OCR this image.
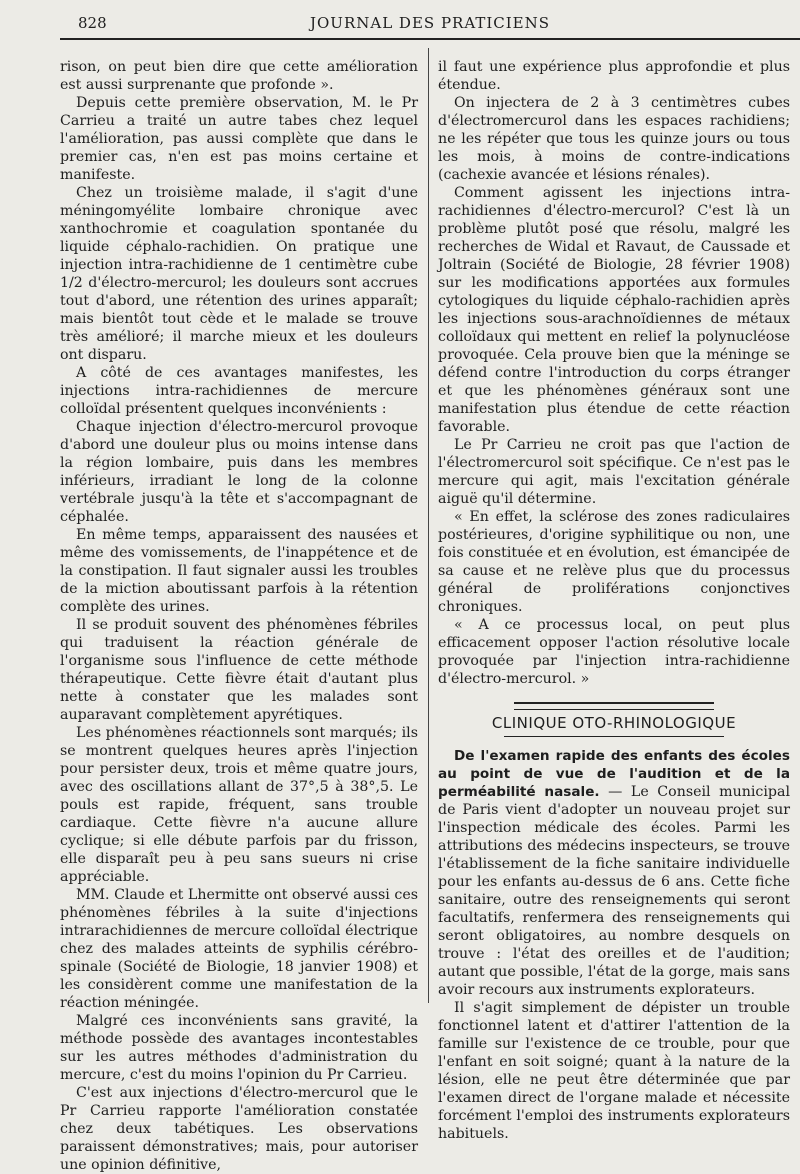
828	JOURNAL DES PRATICIENS

rison, on peut bien dire que cette amélioration est aussi surprenante que profonde ».

Depuis cette première observation, M. le Pr Carrieu a traité un autre tabes chez lequel l'amélioration, pas aussi complète que dans le premier cas, n'en est pas moins certaine et manifeste.

Chez un troisième malade, il s'agit d'une méningomyélite lombaire chronique avec xanthochromie et coagulation spontanée du liquide céphalo-rachidien. On pratique une injection intra-rachidienne de 1 centimètre cube 1/2 d'électro-mercurol; les douleurs sont accrues tout d'abord, une rétention des urines apparaît; mais bientôt tout cède et le malade se trouve très amélioré; il marche mieux et les douleurs ont disparu.

A côté de ces avantages manifestes, les injections intra-rachidiennes de mercure colloïdal présentent quelques inconvénients :

Chaque injection d'électro-mercurol provoque d'abord une douleur plus ou moins intense dans la région lombaire, puis dans les membres inférieurs, irradiant le long de la colonne vertébrale jusqu'à la tête et s'accompagnant de céphalée.

En même temps, apparaissent des nausées et même des vomissements, de l'inappétence et de la constipation. Il faut signaler aussi les troubles de la miction aboutissant parfois à la rétention complète des urines.

Il se produit souvent des phénomènes fébriles qui traduisent la réaction générale de l'organisme sous l'influence de cette méthode thérapeutique. Cette fièvre était d'autant plus nette à constater que les malades sont auparavant complètement apyrétiques.

Les phénomènes réactionnels sont marqués; ils se montrent quelques heures après l'injection pour persister deux, trois et même quatre jours, avec des oscillations allant de 37°,5 à 38°,5. Le pouls est rapide, fréquent, sans trouble cardiaque. Cette fièvre n'a aucune allure cyclique; si elle débute parfois par du frisson, elle disparaît peu à peu sans sueurs ni crise appréciable.

MM. Claude et Lhermitte ont observé aussi ces phénomènes fébriles à la suite d'injections intrarachidiennes de mercure colloïdal électrique chez des malades atteints de syphilis cérébro-spinale (Société de Biologie, 18 janvier 1908) et les considèrent comme une manifestation de la réaction méningée.

Malgré ces inconvénients sans gravité, la méthode possède des avantages incontestables sur les autres méthodes d'administration du mercure, c'est du moins l'opinion du Pr Carrieu.

C'est aux injections d'électro-mercurol que le Pr Carrieu rapporte l'amélioration constatée chez deux tabétiques. Les observations paraissent démonstratives; mais, pour autoriser une opinion définitive,

il faut une expérience plus approfondie et plus étendue.

On injectera de 2 à 3 centimètres cubes d'électromercurol dans les espaces rachidiens; ne les répéter que tous les quinze jours ou tous les mois, à moins de contre-indications (cachexie avancée et lésions rénales).

Comment agissent les injections intra-rachidiennes d'électro-mercurol? C'est là un problème plutôt posé que résolu, malgré les recherches de Widal et Ravaut, de Caussade et Joltrain (Société de Biologie, 28 février 1908) sur les modifications apportées aux formules cytologiques du liquide céphalo-rachidien après les injections sous-arachnoïdiennes de métaux colloïdaux qui mettent en relief la polynucléose provoquée. Cela prouve bien que la méninge se défend contre l'introduction du corps étranger et que les phénomènes généraux sont une manifestation plus étendue de cette réaction favorable.

Le Pr Carrieu ne croit pas que l'action de l'électromercurol soit spécifique. Ce n'est pas le mercure qui agit, mais l'excitation générale aiguë qu'il détermine.

« En effet, la sclérose des zones radiculaires postérieures, d'origine syphilitique ou non, une fois constituée et en évolution, est émancipée de sa cause et ne relève plus que du processus général de proliférations conjonctives chroniques.

« A ce processus local, on peut plus efficacement opposer l'action résolutive locale provoquée par l'injection intra-rachidienne d'électro-mercurol. »

CLINIQUE OTO-RHINOLOGIQUE

De l'examen rapide des enfants des écoles au point de vue de l'audition et de la perméabilité nasale. — Le Conseil municipal de Paris vient d'adopter un nouveau projet sur l'inspection médicale des écoles. Parmi les attributions des médecins inspecteurs, se trouve l'établissement de la fiche sanitaire individuelle pour les enfants au-dessus de 6 ans. Cette fiche sanitaire, outre des renseignements qui seront facultatifs, renfermera des renseignements qui seront obligatoires, au nombre desquels on trouve : l'état des oreilles et de l'audition; autant que possible, l'état de la gorge, mais sans avoir recours aux instruments explorateurs.

Il s'agit simplement de dépister un trouble fonctionnel latent et d'attirer l'attention de la famille sur l'existence de ce trouble, pour que l'enfant en soit soigné; quant à la nature de la lésion, elle ne peut être déterminée que par l'examen direct de l'organe malade et nécessite forcément l'emploi des instruments explorateurs habituels.
